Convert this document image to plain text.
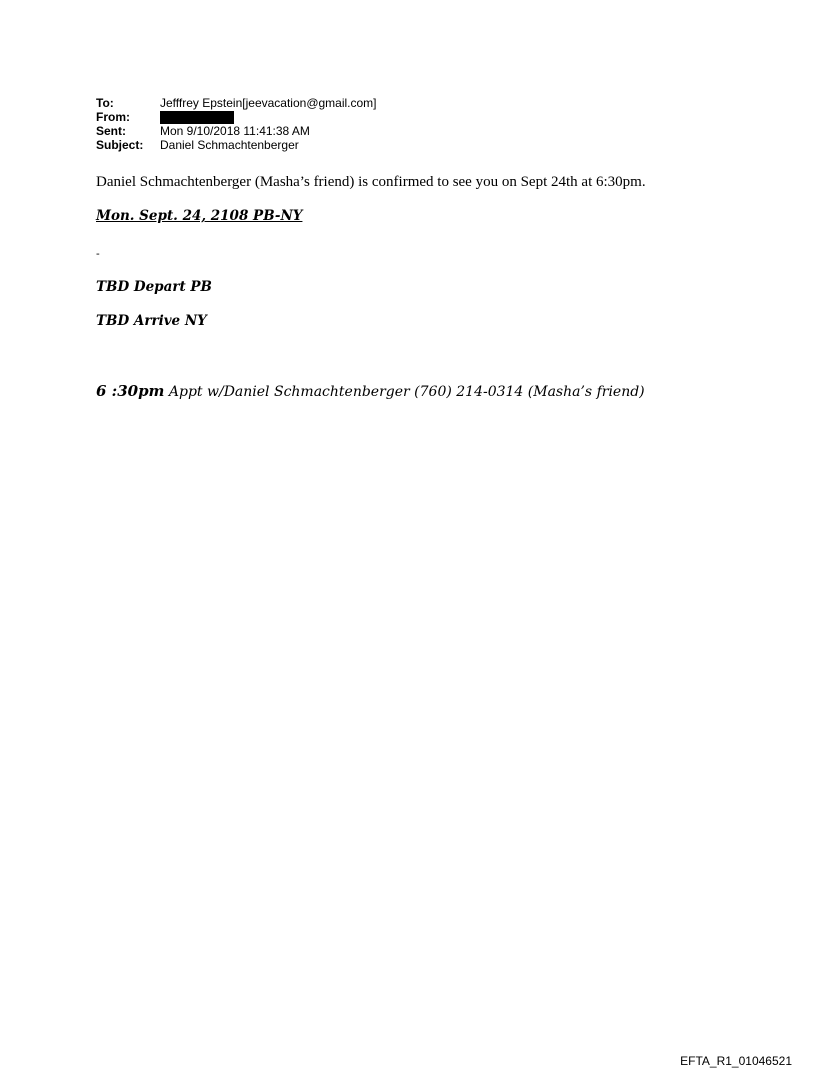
To:	Jefffrey Epstein[jeevacation@gmail.com]
From:
Sent:	Mon 9/10/2018 11:41:38 AM
Subject:	Daniel Schmachtenberger
Daniel Schmachtenberger (Masha’s friend) is confirmed to see you on Sept 24th at 6:30pm.
Mon. Sept. 24, 2108 PB-NY
-
TBD Depart PB
TBD Arrive NY
6 :30pm Appt w/Daniel Schmachtenberger (760) 214-0314 (Masha’s friend)
EFTA_R1_01046521
